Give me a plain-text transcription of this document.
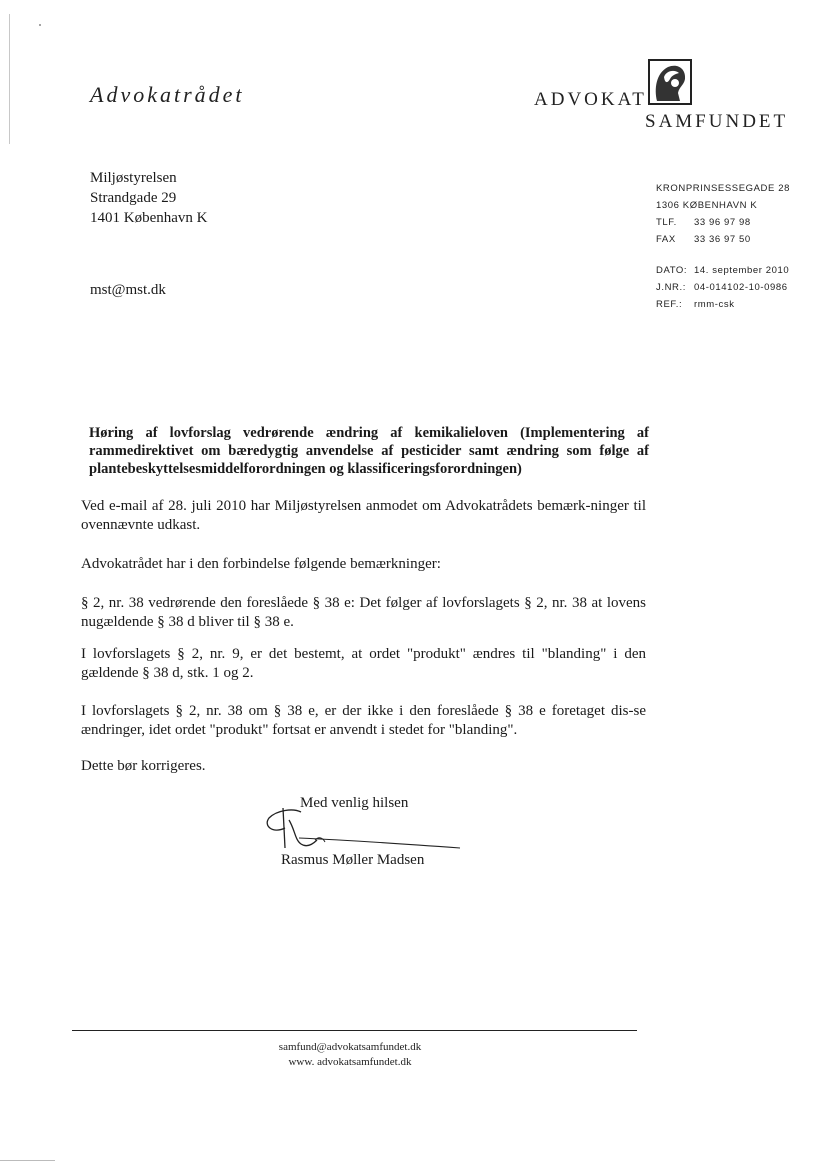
Advokatrådet	ADVOKAT
SAMFUNDET
Miljøstyrelsen
Strandgade 29
1401 København K
mst@mst.dk
KRONPRINSESSEGADE 28
1306 KØBENHAVN K
TLF.	33 96 97 98
FAX	33 36 97 50
DATO: 14. september 2010
J.NR.: 04-014102-10-0986
REF.:	rmm-csk
Høring af lovforslag vedrørende ændring af kemikalieloven (Implementering af rammedirektivet om bæredygtig anvendelse af pesticider samt ændring som følge af plantebeskyttelsesmiddelforordningen og klassificeringsforordningen)
Ved e-mail af 28. juli 2010 har Miljøstyrelsen anmodet om Advokatrådets bemærk-ninger til ovennævnte udkast.
Advokatrådet har i den forbindelse følgende bemærkninger:
§ 2, nr. 38 vedrørende den foreslåede § 38 e: Det følger af lovforslagets § 2, nr. 38 at lovens nugældende § 38 d bliver til § 38 e.
I lovforslagets § 2, nr. 9, er det bestemt, at ordet "produkt" ændres til "blanding" i den gældende § 38 d, stk. 1 og 2.
I lovforslagets § 2, nr. 38 om § 38 e, er der ikke i den foreslåede § 38 e foretaget dis-se ændringer, idet ordet "produkt" fortsat er anvendt i stedet for "blanding".
Dette bør korrigeres.
Med venlig hilsen
Rasmus Møller Madsen
samfund@advokatsamfundet.dk
www. advokatsamfundet.dk
